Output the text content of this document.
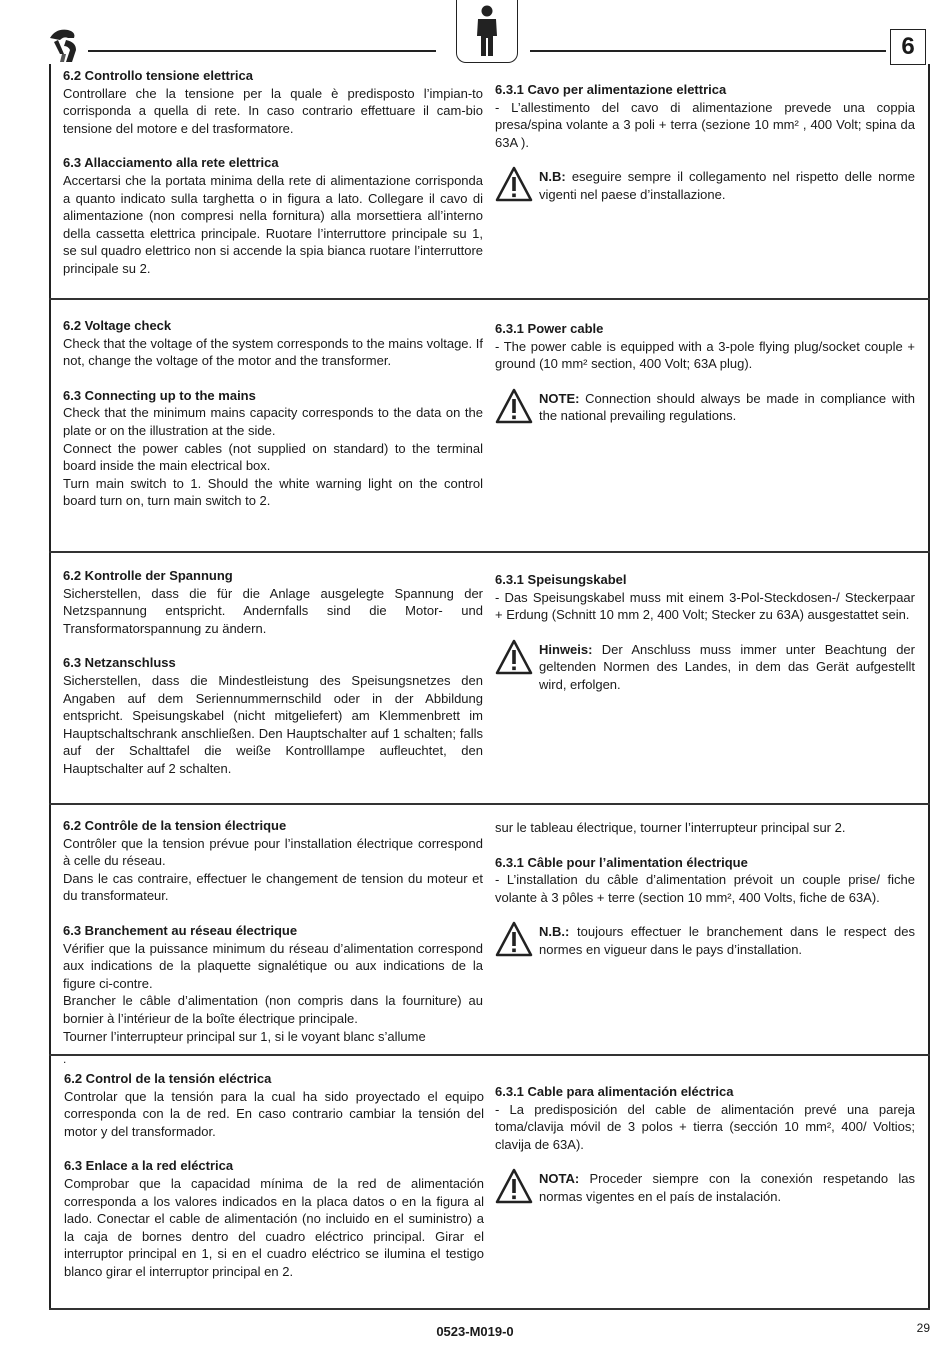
6
6.2 Controllo tensione elettrica

Controllare che la tensione per la quale è predisposto l’impian-to corrisponda a quella di rete. In caso contrario effettuare il cam-bio tensione del motore e del trasformatore.

6.3 Allacciamento alla rete elettrica

Accertarsi che la portata minima della rete di alimentazione corrisponda a quanto indicato sulla targhetta o in figura a lato. Collegare il cavo di alimentazione (non compresi nella fornitura) alla morsettiera all’interno della cassetta elettrica principale. Ruotare l’interruttore principale su 1, se sul quadro elettrico non si accende la spia bianca ruotare l’interruttore principale su 2.

6.3.1 Cavo per alimentazione elettrica

- L’allestimento del cavo di alimentazione prevede una coppia presa/spina volante a 3 poli + terra (sezione 10 mm² , 400 Volt; spina da 63A ).

N.B: eseguire sempre il collegamento nel rispetto delle norme vigenti nel paese d’installazione.
6.2 Voltage check

Check that the voltage of the system corresponds to the mains voltage. If not, change the voltage of the motor and the transformer.

6.3 Connecting up to the mains

Check that the minimum mains capacity corresponds to the data on the plate or on the illustration at the side.

Connect the power cables (not supplied on standard) to the terminal board inside the main electrical box.

Turn main switch to 1. Should the white warning light on the control board turn on, turn main switch to 2.

6.3.1 Power cable

- The power cable is equipped with a 3-pole flying plug/socket couple + ground (10 mm² section, 400 Volt; 63A plug).

NOTE: Connection should always be made in compliance with the national prevailing regulations.
6.2 Kontrolle der Spannung

Sicherstellen, dass die für die Anlage ausgelegte Spannung der Netzspannung entspricht. Andernfalls sind die Motor- und Transformatorspannung zu ändern.

6.3 Netzanschluss

Sicherstellen, dass die Mindestleistung des Speisungsnetzes den Angaben auf dem Seriennummernschild oder in der Abbildung entspricht. Speisungskabel (nicht mitgeliefert) am Klemmenbrett im Hauptschaltschrank anschließen. Den Hauptschalter auf 1 schalten; falls auf der Schalttafel die weiße Kontrolllampe aufleuchtet, den Hauptschalter auf 2 schalten.

6.3.1 Speisungskabel

- Das Speisungskabel muss mit einem 3-Pol-Steckdosen-/ Steckerpaar + Erdung (Schnitt 10 mm 2, 400 Volt; Stecker zu 63A) ausgestattet sein.

Hinweis: Der Anschluss muss immer unter Beachtung der geltenden Normen des Landes, in dem das Gerät aufgestellt wird, erfolgen.
6.2 Contrôle de la tension électrique

Contrôler que la tension prévue pour l’installation électrique correspond à celle du réseau.

Dans le cas contraire, effectuer le changement de tension du moteur et du transformateur.

6.3 Branchement au réseau électrique

Vérifier que la puissance minimum du réseau d’alimentation correspond aux indications de la plaquette signalétique ou aux indications de la figure ci-contre.

Brancher le câble d’alimentation (non compris dans la fourniture) au bornier à l’intérieur de la boîte électrique principale.

Tourner l’interrupteur principal sur 1, si le voyant blanc s’allume

sur le tableau électrique, tourner l’interrupteur principal sur 2.

6.3.1 Câble pour l’alimentation électrique

- L’installation du câble d’alimentation prévoit un couple prise/ fiche volante à 3 pôles + terre (section 10 mm², 400 Volts, fiche de 63A).

N.B.: toujours effectuer le branchement dans le respect des normes en vigueur dans le pays d’installation.
.
6.2 Control de la tensión eléctrica

Controlar que la tensión para la cual ha sido proyectado el equipo corresponda con la de red. En caso contrario cambiar la tensión del motor y del transformador.

6.3 Enlace a la red eléctrica

Comprobar que la capacidad mínima de la red de alimentación corresponda a los valores indicados en la placa datos o en la figura al lado. Conectar el cable de alimentación (no incluido en el suministro) a la caja de bornes dentro del cuadro eléctrico principal. Girar el interruptor principal en 1, si en el cuadro eléctrico se ilumina el testigo blanco girar el interruptor principal en 2.

6.3.1 Cable para alimentación eléctrica

- La predisposición del cable de alimentación prevé una pareja toma/clavija móvil de 3 polos + tierra (sección 10 mm², 400/ Voltios; clavija de 63A).

NOTA: Proceder siempre con la conexión respetando las normas vigentes en el país de instalación.
0523-M019-0	29
